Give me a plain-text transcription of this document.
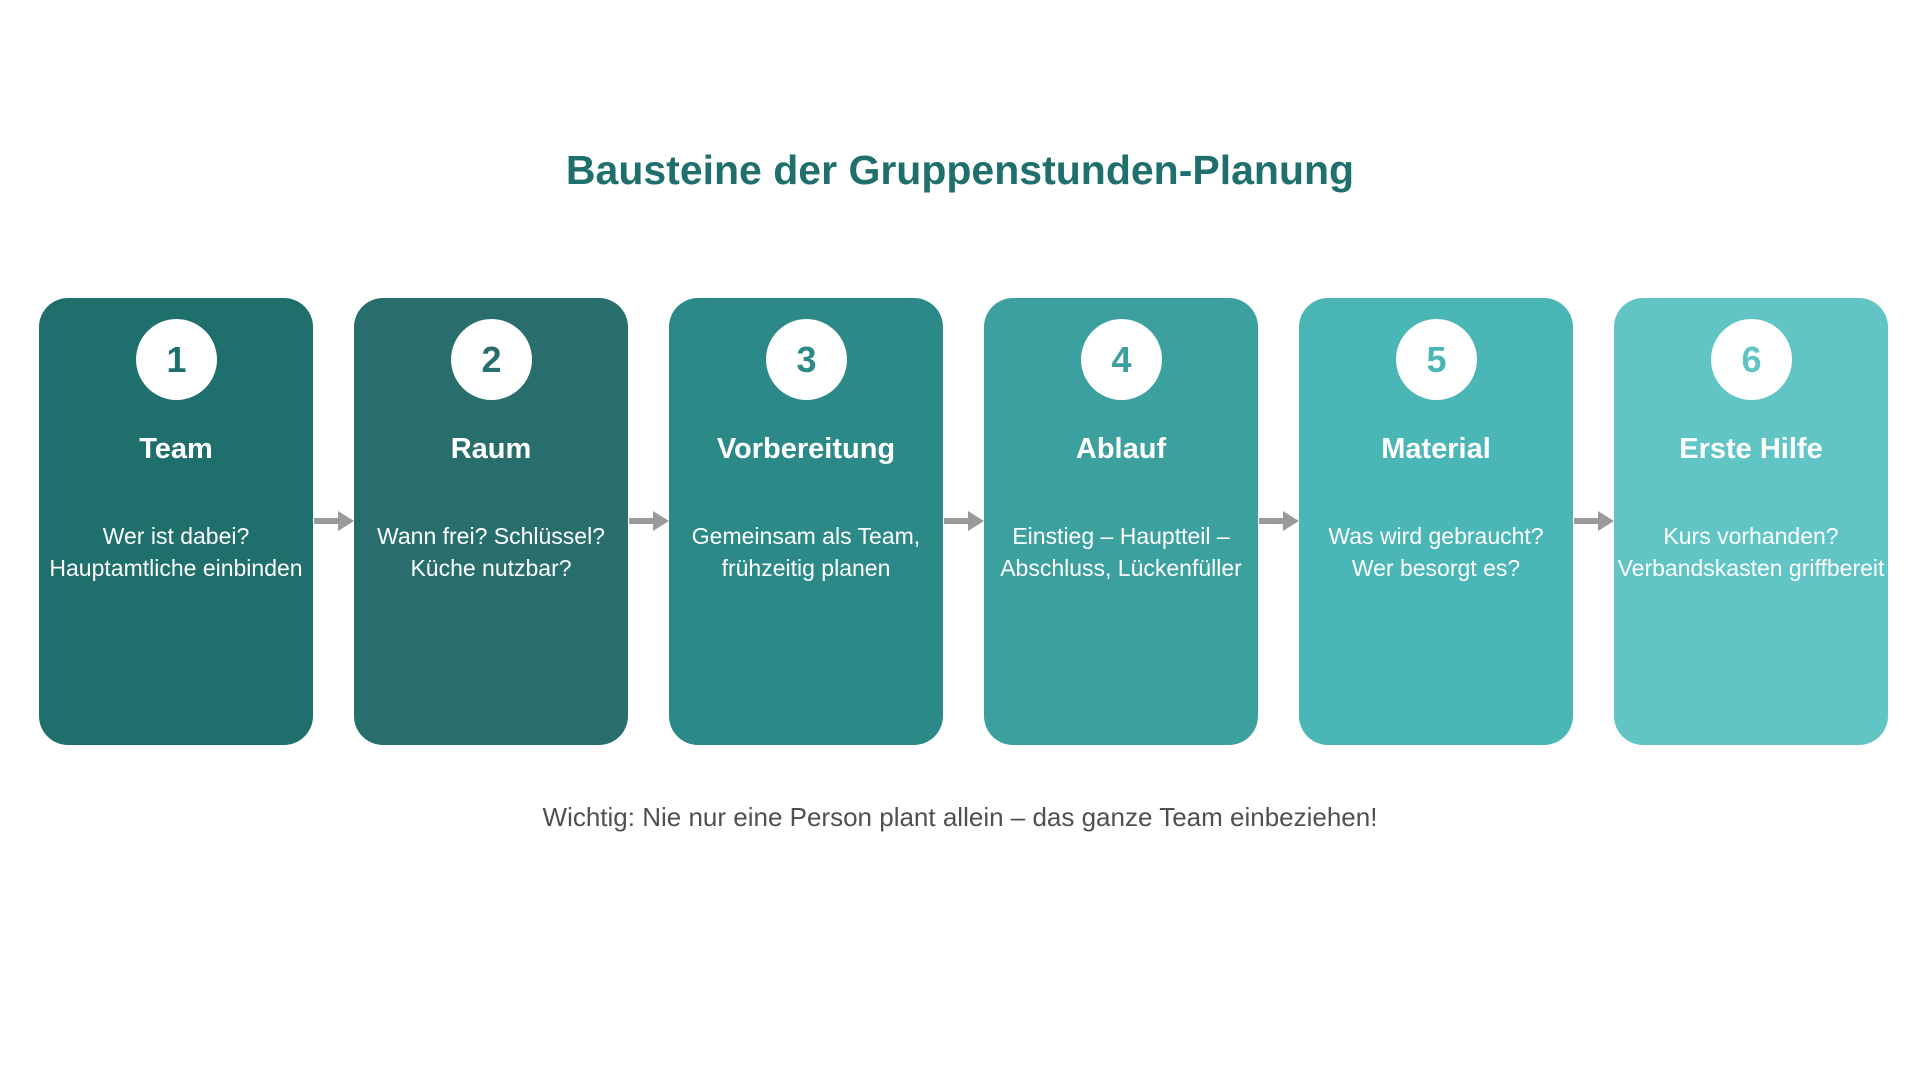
Bausteine der Gruppenstunden-Planung
1
Team
Wer ist dabei?
Hauptamtliche einbinden
2
Raum
Wann frei? Schlüssel?
Küche nutzbar?
3
Vorbereitung
Gemeinsam als Team,
frühzeitig planen
4
Ablauf
Einstieg – Hauptteil –
Abschluss, Lückenfüller
5
Material
Was wird gebraucht?
Wer besorgt es?
6
Erste Hilfe
Kurs vorhanden?
Verbandskasten griffbereit
Wichtig: Nie nur eine Person plant allein – das ganze Team einbeziehen!
